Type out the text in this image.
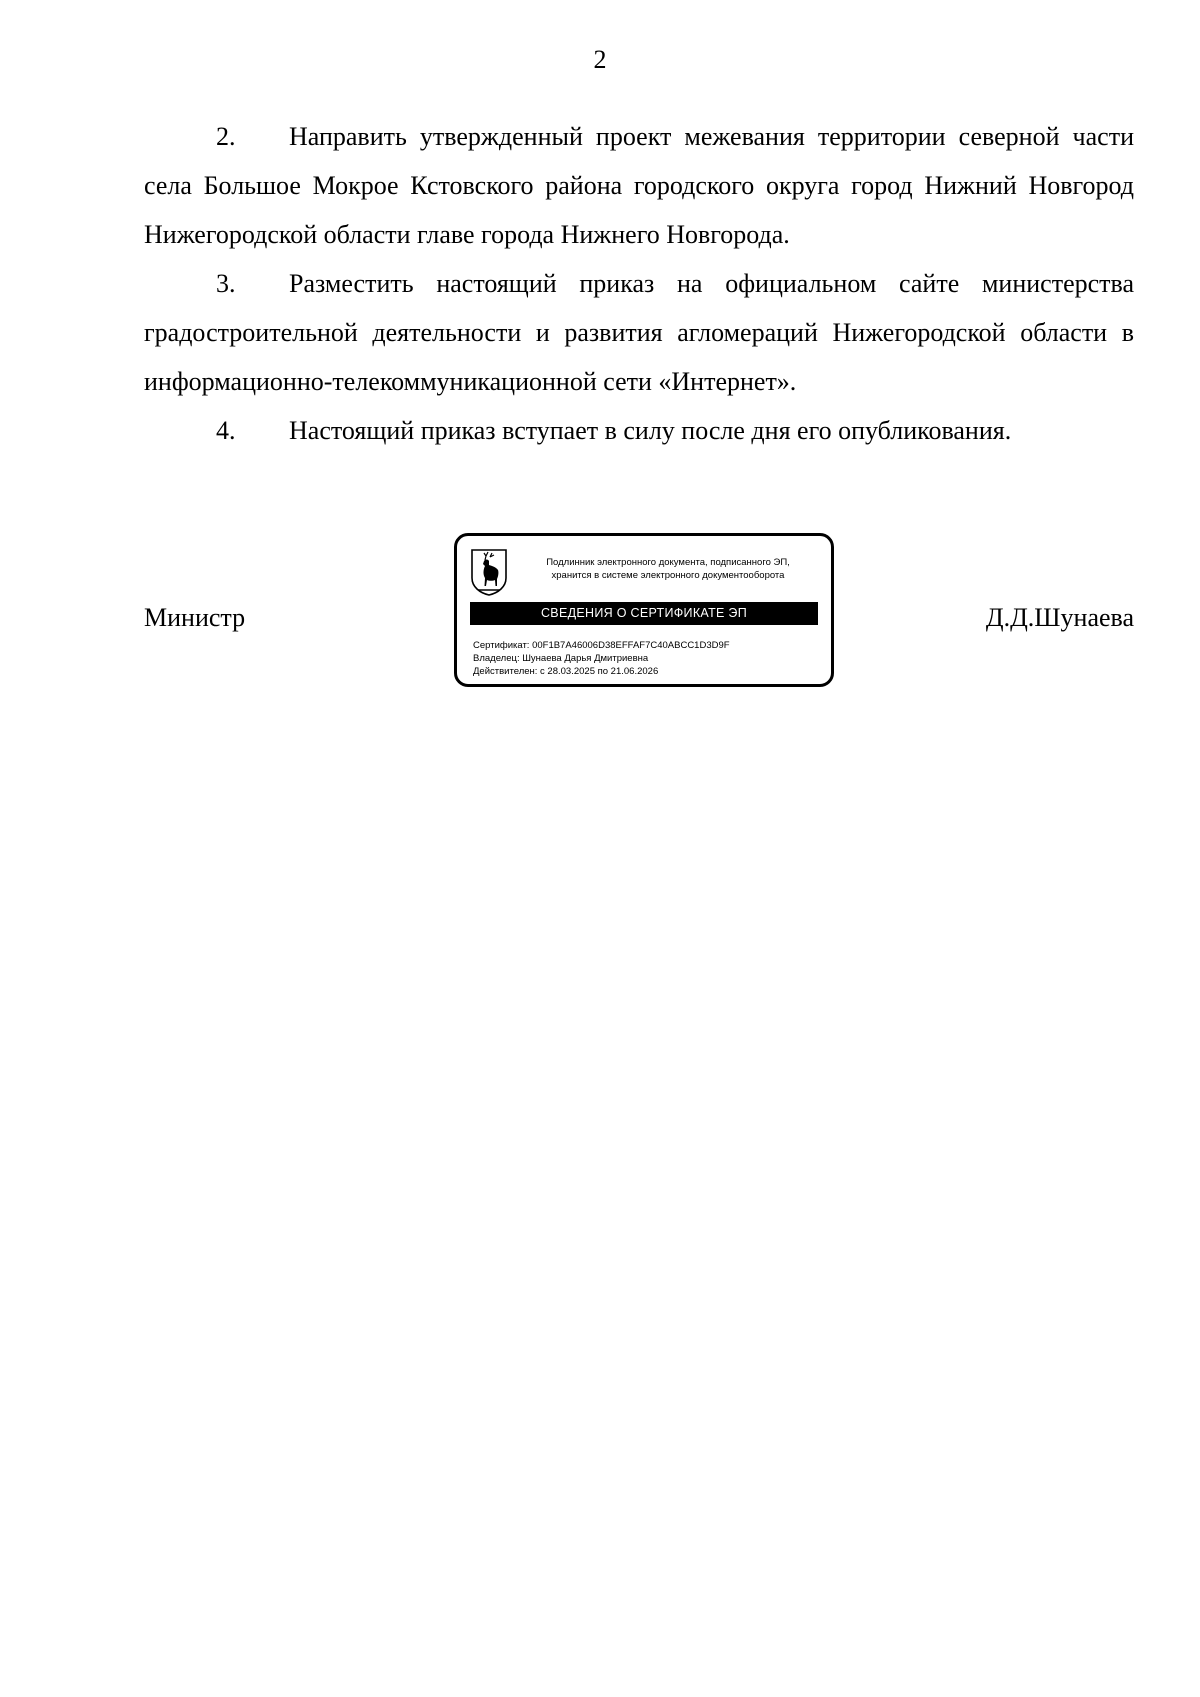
2

2. Направить утвержденный проект межевания территории северной части села Большое Мокрое Кстовского района городского округа город Нижний Новгород Нижегородской области главе города Нижнего Новгорода.

3. Разместить настоящий приказ на официальном сайте министерства градостроительной деятельности и развития агломераций Нижегородской области в информационно-телекоммуникационной сети «Интернет».

4. Настоящий приказ вступает в силу после дня его опубликования.

Министр
Подлинник электронного документа, подписанного ЭП,
хранится в системе электронного документооборота
СВЕДЕНИЯ О СЕРТИФИКАТЕ ЭП
Сертификат: 00F1B7A46006D38EFFAF7C40ABCC1D3D9F
Владелец: Шунаева Дарья Дмитриевна
Действителен: с 28.03.2025 по 21.06.2026
Д.Д.Шунаева
